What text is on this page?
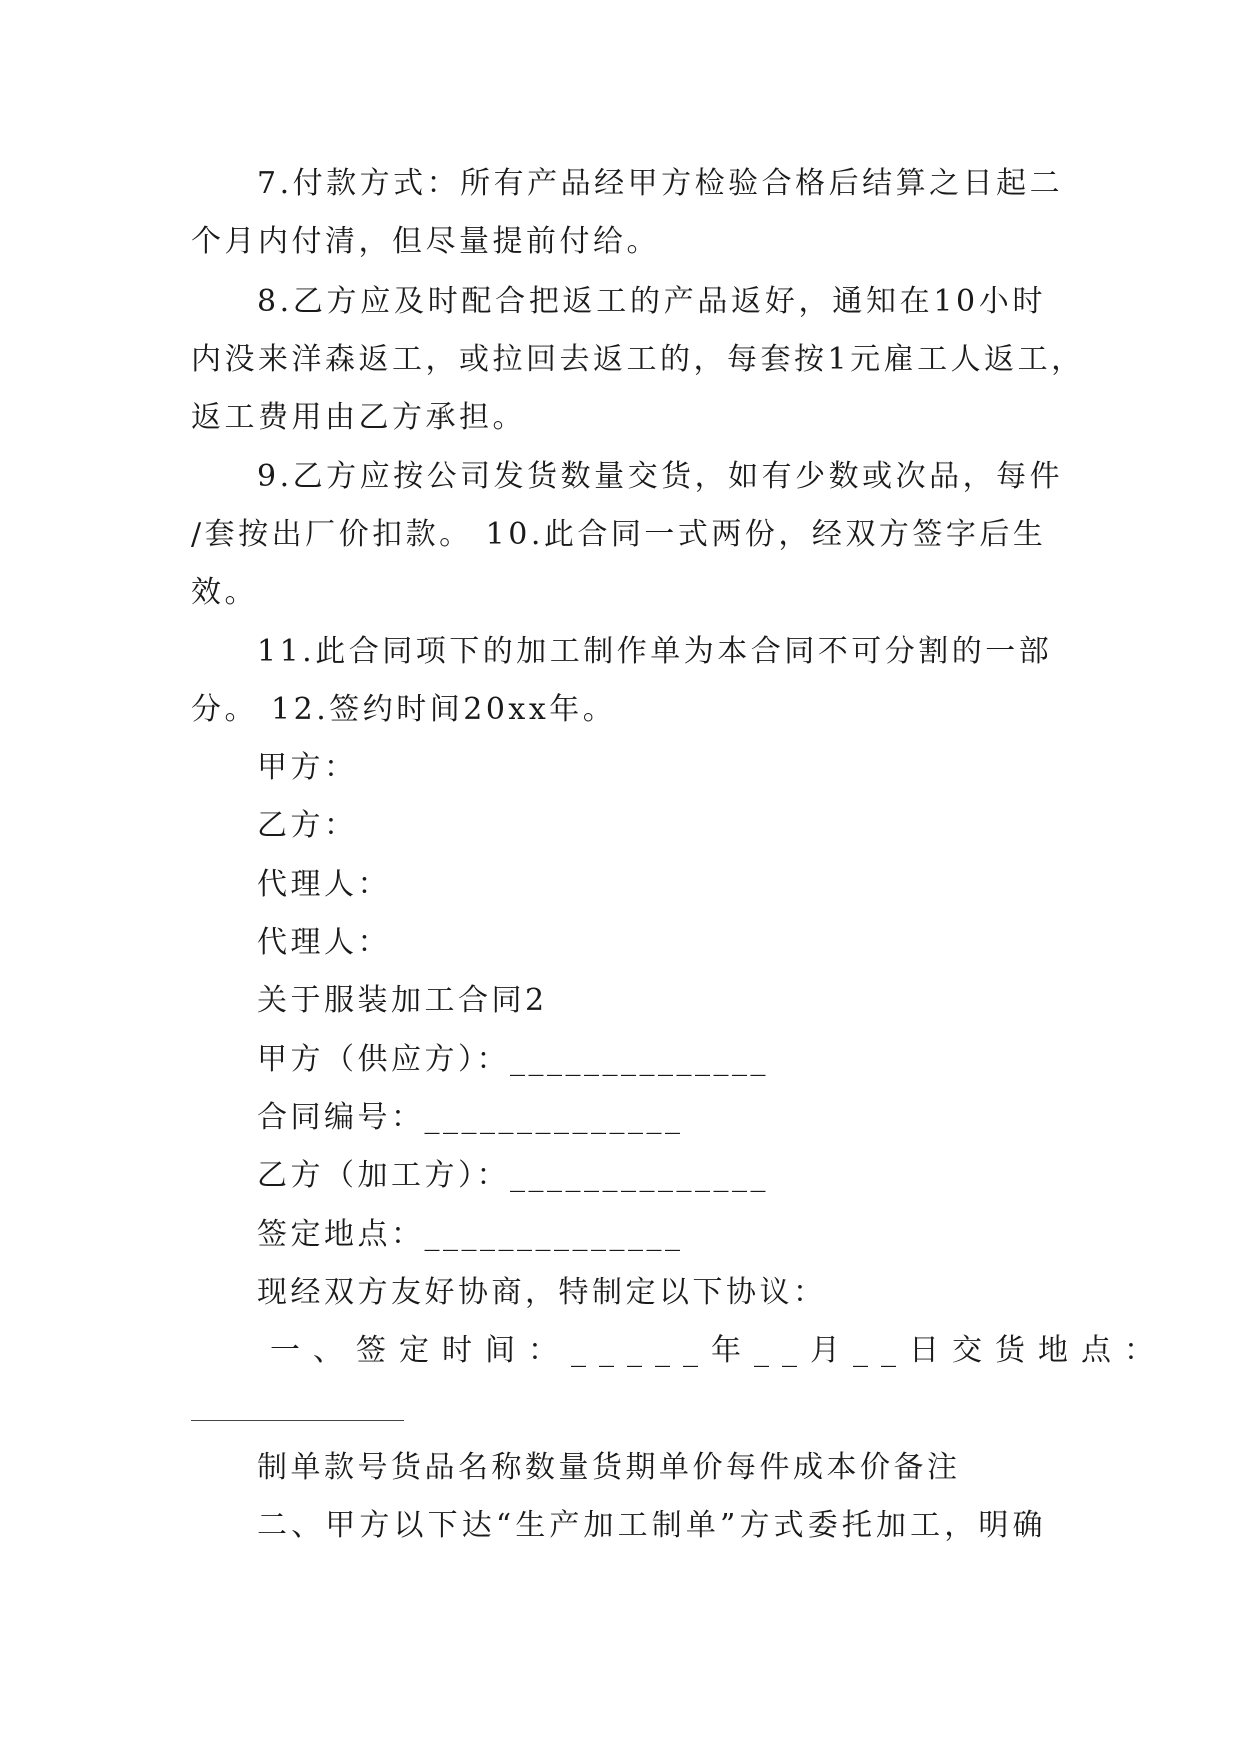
7.付款方式：所有产品经甲方检验合格后结算之日起二
个月内付清，但尽量提前付给。
8.乙方应及时配合把返工的产品返好，通知在10小时
内没来洋森返工，或拉回去返工的，每套按1元雇工人返工，
返工费用由乙方承担。
9.乙方应按公司发货数量交货，如有少数或次品，每件
/套按出厂价扣款。 10.此合同一式两份，经双方签字后生
效。
11.此合同项下的加工制作单为本合同不可分割的一部
分。 12.签约时间20xx年。
甲方：
乙方：
代理人：
代理人：
关于服装加工合同2
甲方（供应方）：______________
合同编号：______________
乙方（加工方）：______________
签定地点：______________
现经双方友好协商，特制定以下协议：
一、签定时间：_____年__月__日交货地点：
制单款号货品名称数量货期单价每件成本价备注
二、甲方以下达“生产加工制单”方式委托加工，明确
